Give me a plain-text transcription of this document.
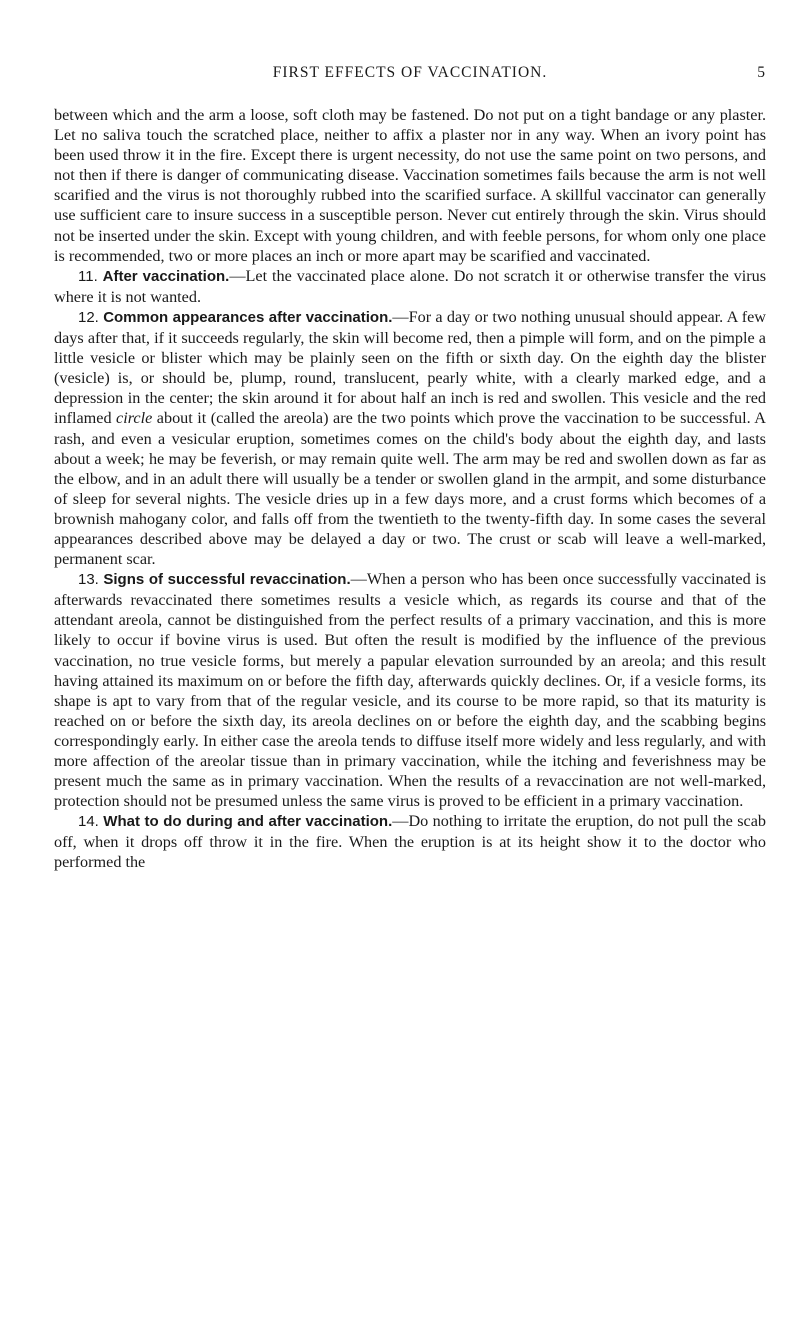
FIRST EFFECTS OF VACCINATION.	5

between which and the arm a loose, soft cloth may be fastened. Do not put on a tight bandage or any plaster. Let no saliva touch the scratched place, neither to affix a plaster nor in any way. When an ivory point has been used throw it in the fire. Except there is urgent necessity, do not use the same point on two persons, and not then if there is danger of communicating disease. Vaccination sometimes fails because the arm is not well scarified and the virus is not thoroughly rubbed into the scarified surface. A skillful vaccinator can generally use sufficient care to insure success in a susceptible person. Never cut entirely through the skin. Virus should not be inserted under the skin. Except with young children, and with feeble persons, for whom only one place is recommended, two or more places an inch or more apart may be scarified and vaccinated.

11. After vaccination.—Let the vaccinated place alone. Do not scratch it or otherwise transfer the virus where it is not wanted.

12. Common appearances after vaccination.—For a day or two nothing unusual should appear. A few days after that, if it succeeds regularly, the skin will become red, then a pimple will form, and on the pimple a little vesicle or blister which may be plainly seen on the fifth or sixth day. On the eighth day the blister (vesicle) is, or should be, plump, round, translucent, pearly white, with a clearly marked edge, and a depression in the center; the skin around it for about half an inch is red and swollen. This vesicle and the red inflamed circle about it (called the areola) are the two points which prove the vaccination to be successful. A rash, and even a vesicular eruption, sometimes comes on the child's body about the eighth day, and lasts about a week; he may be feverish, or may remain quite well. The arm may be red and swollen down as far as the elbow, and in an adult there will usually be a tender or swollen gland in the armpit, and some disturbance of sleep for several nights. The vesicle dries up in a few days more, and a crust forms which becomes of a brownish mahogany color, and falls off from the twentieth to the twenty-fifth day. In some cases the several appearances described above may be delayed a day or two. The crust or scab will leave a well-marked, permanent scar.

13. Signs of successful revaccination.—When a person who has been once successfully vaccinated is afterwards revaccinated there sometimes results a vesicle which, as regards its course and that of the attendant areola, cannot be distinguished from the perfect results of a primary vaccination, and this is more likely to occur if bovine virus is used. But often the result is modified by the influence of the previous vaccination, no true vesicle forms, but merely a papular elevation surrounded by an areola; and this result having attained its maximum on or before the fifth day, afterwards quickly declines. Or, if a vesicle forms, its shape is apt to vary from that of the regular vesicle, and its course to be more rapid, so that its maturity is reached on or before the sixth day, its areola declines on or before the eighth day, and the scabbing begins correspondingly early. In either case the areola tends to diffuse itself more widely and less regularly, and with more affection of the areolar tissue than in primary vaccination, while the itching and feverishness may be present much the same as in primary vaccination. When the results of a revaccination are not well-marked, protection should not be presumed unless the same virus is proved to be efficient in a primary vaccination.

14. What to do during and after vaccination.—Do nothing to irritate the eruption, do not pull the scab off, when it drops off throw it in the fire. When the eruption is at its height show it to the doctor who performed the
